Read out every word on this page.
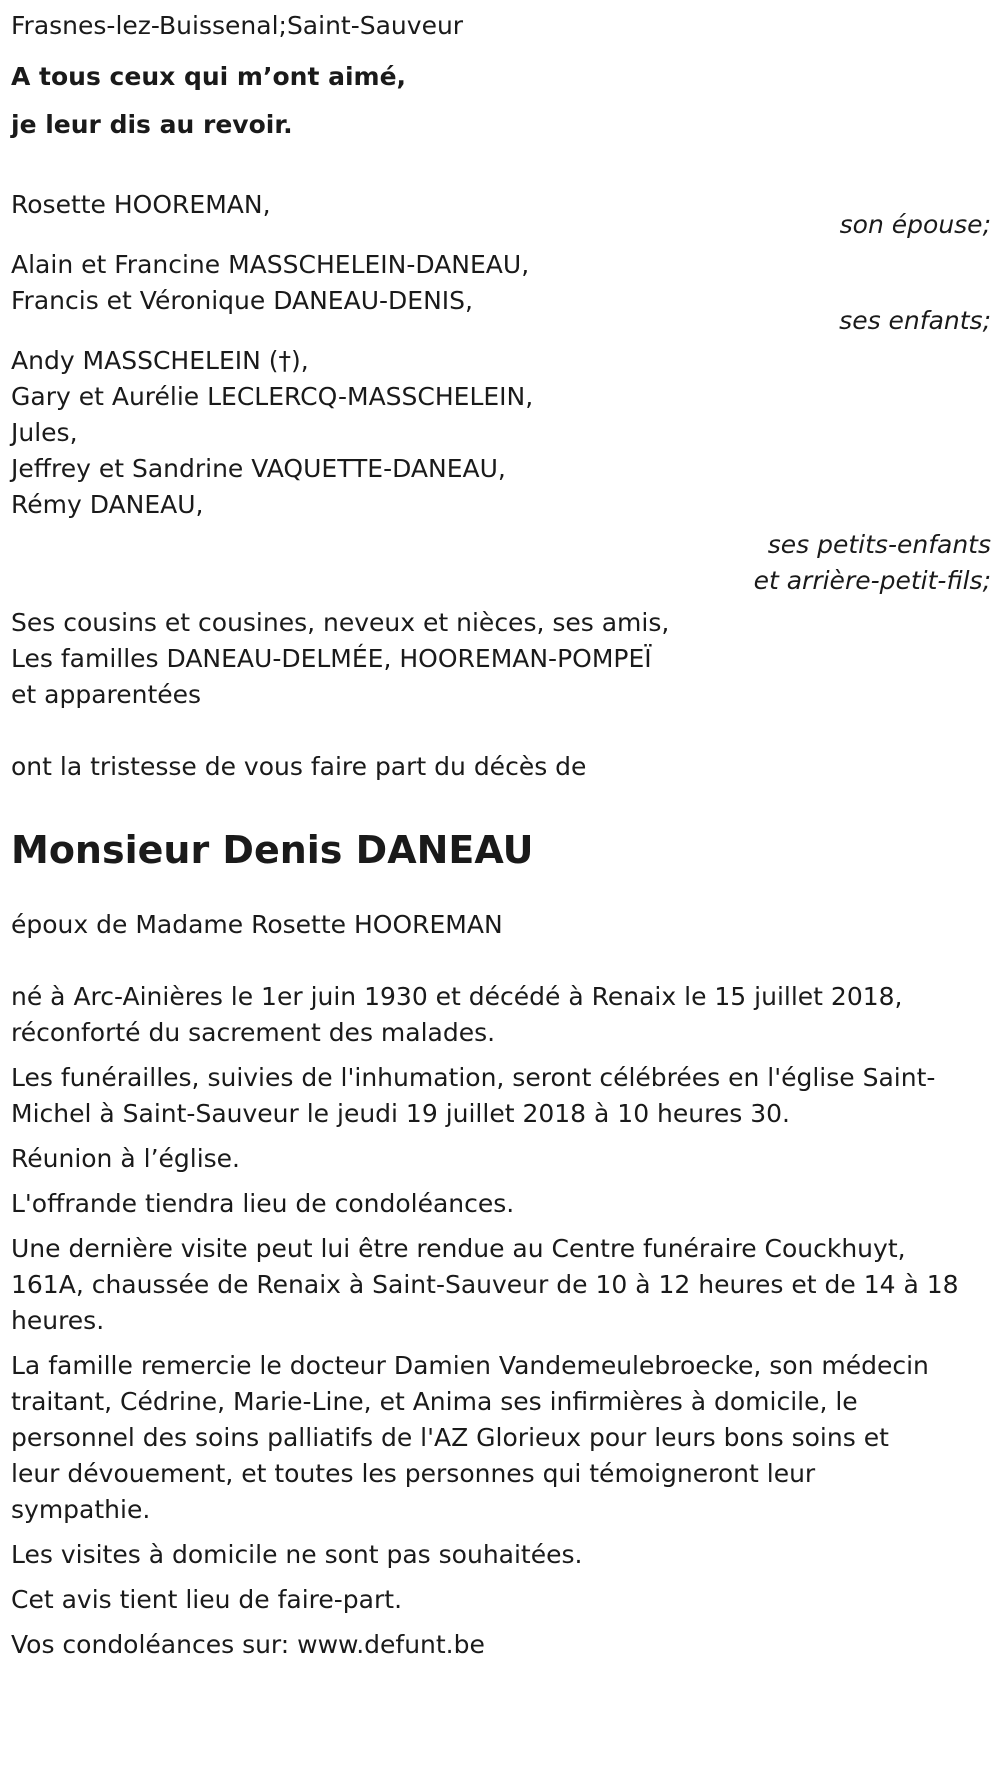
Frasnes-lez-Buissenal;Saint-Sauveur

A tous ceux qui m’ont aimé,

je leur dis au revoir.

Rosette HOOREMAN,

son épouse;

Alain et Francine MASSCHELEIN-DANEAU,

Francis et Véronique DANEAU-DENIS,

ses enfants;

Andy MASSCHELEIN (†),

Gary et Aurélie LECLERCQ-MASSCHELEIN,

Jules,

Jeffrey et Sandrine VAQUETTE-DANEAU,

Rémy DANEAU,

ses petits-enfants

et arrière-petit-fils;

Ses cousins et cousines, neveux et nièces, ses amis,

Les familles DANEAU-DELMÉE, HOOREMAN-POMPEÏ

et apparentées

ont la tristesse de vous faire part du décès de

Monsieur Denis DANEAU

époux de Madame Rosette HOOREMAN

né à Arc-Ainières le 1er juin 1930 et décédé à Renaix le 15 juillet 2018,

réconforté du sacrement des malades.

Les funérailles, suivies de l'inhumation, seront célébrées en l'église Saint-

Michel à Saint-Sauveur le jeudi 19 juillet 2018 à 10 heures 30.

Réunion à l’église.

L'offrande tiendra lieu de condoléances.

Une dernière visite peut lui être rendue au Centre funéraire Couckhuyt,

161A, chaussée de Renaix à Saint-Sauveur de 10 à 12 heures et de 14 à 18

heures.

La famille remercie le docteur Damien Vandemeulebroecke, son médecin

traitant, Cédrine, Marie-Line, et Anima ses infirmières à domicile, le

personnel des soins palliatifs de l'AZ Glorieux pour leurs bons soins et

leur dévouement, et toutes les personnes qui témoigneront leur

sympathie.

Les visites à domicile ne sont pas souhaitées.

Cet avis tient lieu de faire-part.

Vos condoléances sur: www.defunt.be
